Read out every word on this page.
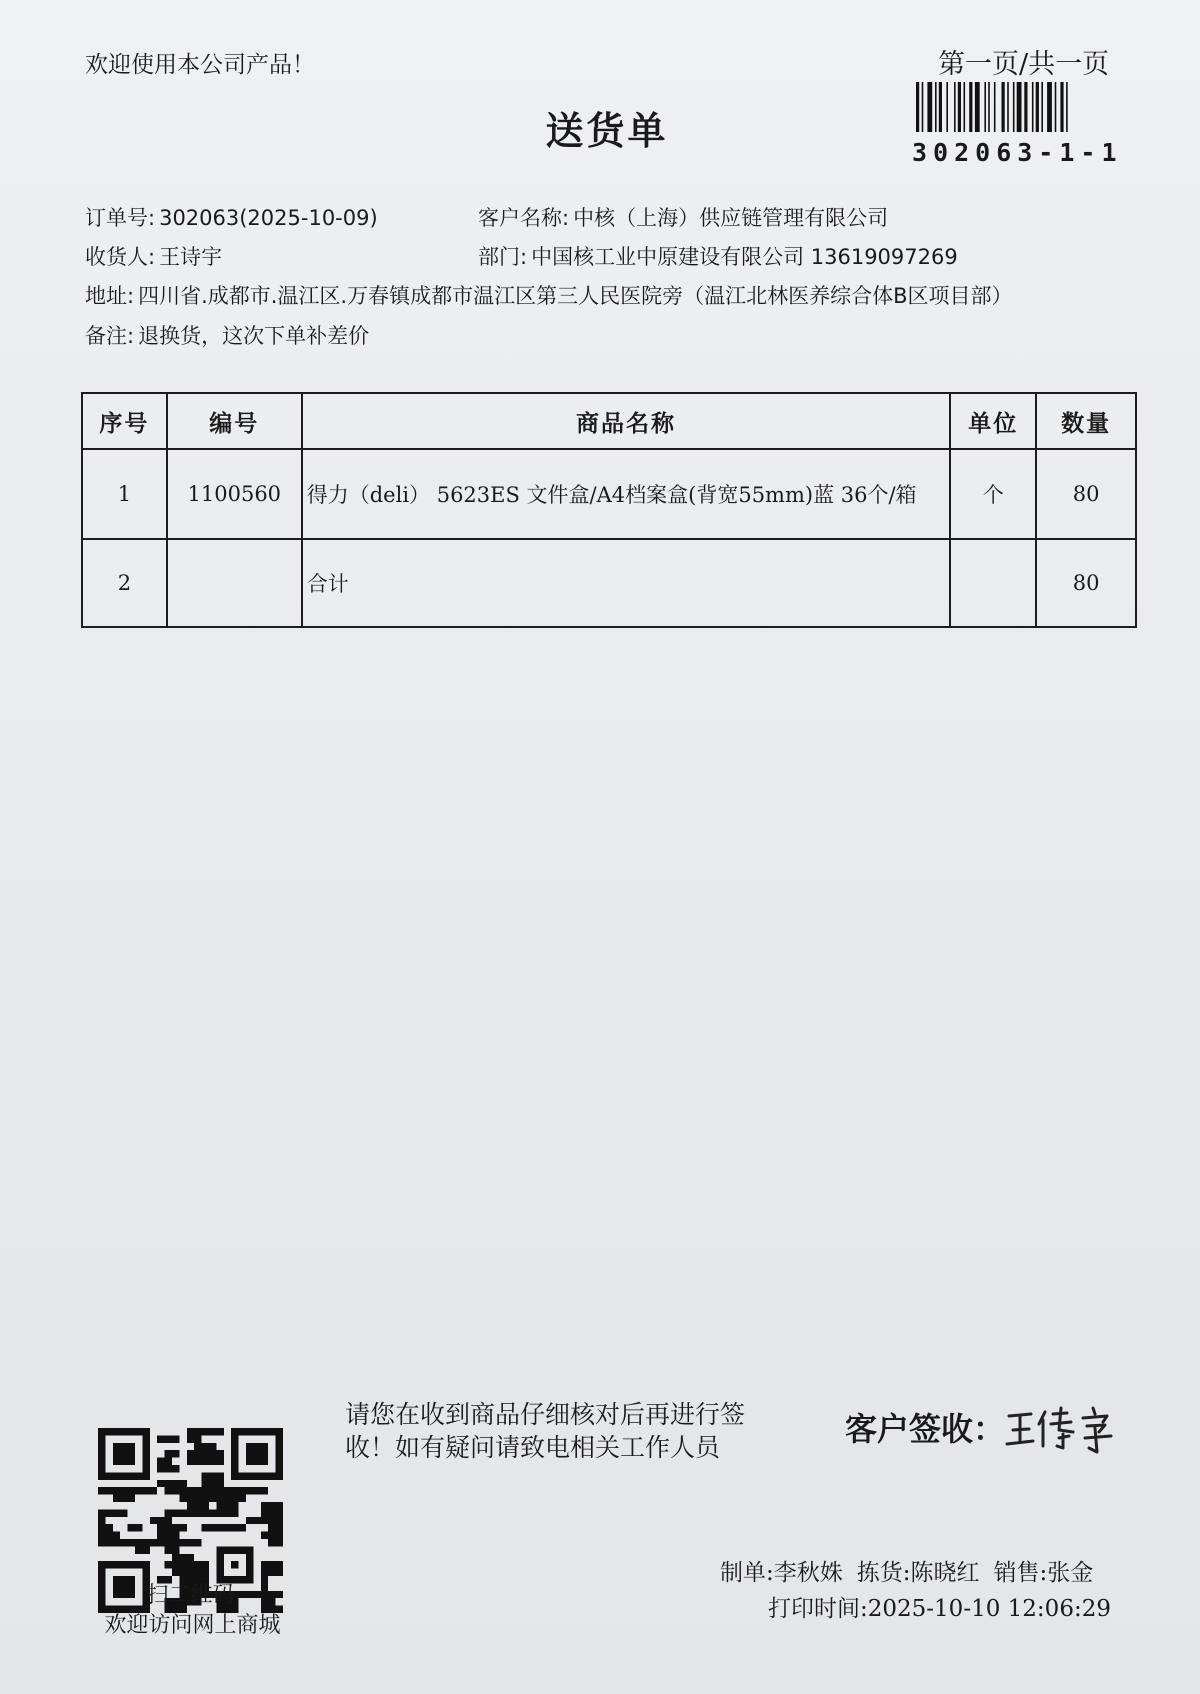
欢迎使用本公司产品！	第一页/共一页
送货单	302063-1-1
订单号: 302063(2025-10-09)	客户名称: 中核（上海）供应链管理有限公司
收货人: 王诗宇	部门: 中国核工业中原建设有限公司 13619097269
地址: 四川省.成都市.温江区.万春镇成都市温江区第三人民医院旁（温江北林医养综合体B区项目部）
备注: 退换货，这次下单补差价
序号	编号	商品名称	单位	数量
1	1100560	得力（deli） 5623ES 文件盒/A4档案盒(背宽55mm)蓝 36个/箱	个	80
2		合计		80
扫二维码
欢迎访问网上商城
请您在收到商品仔细核对后再进行签收！如有疑问请致电相关工作人员	客户签收：
制单:李秋姝 拣货:陈晓红 销售:张金
打印时间:2025-10-10 12:06:29
